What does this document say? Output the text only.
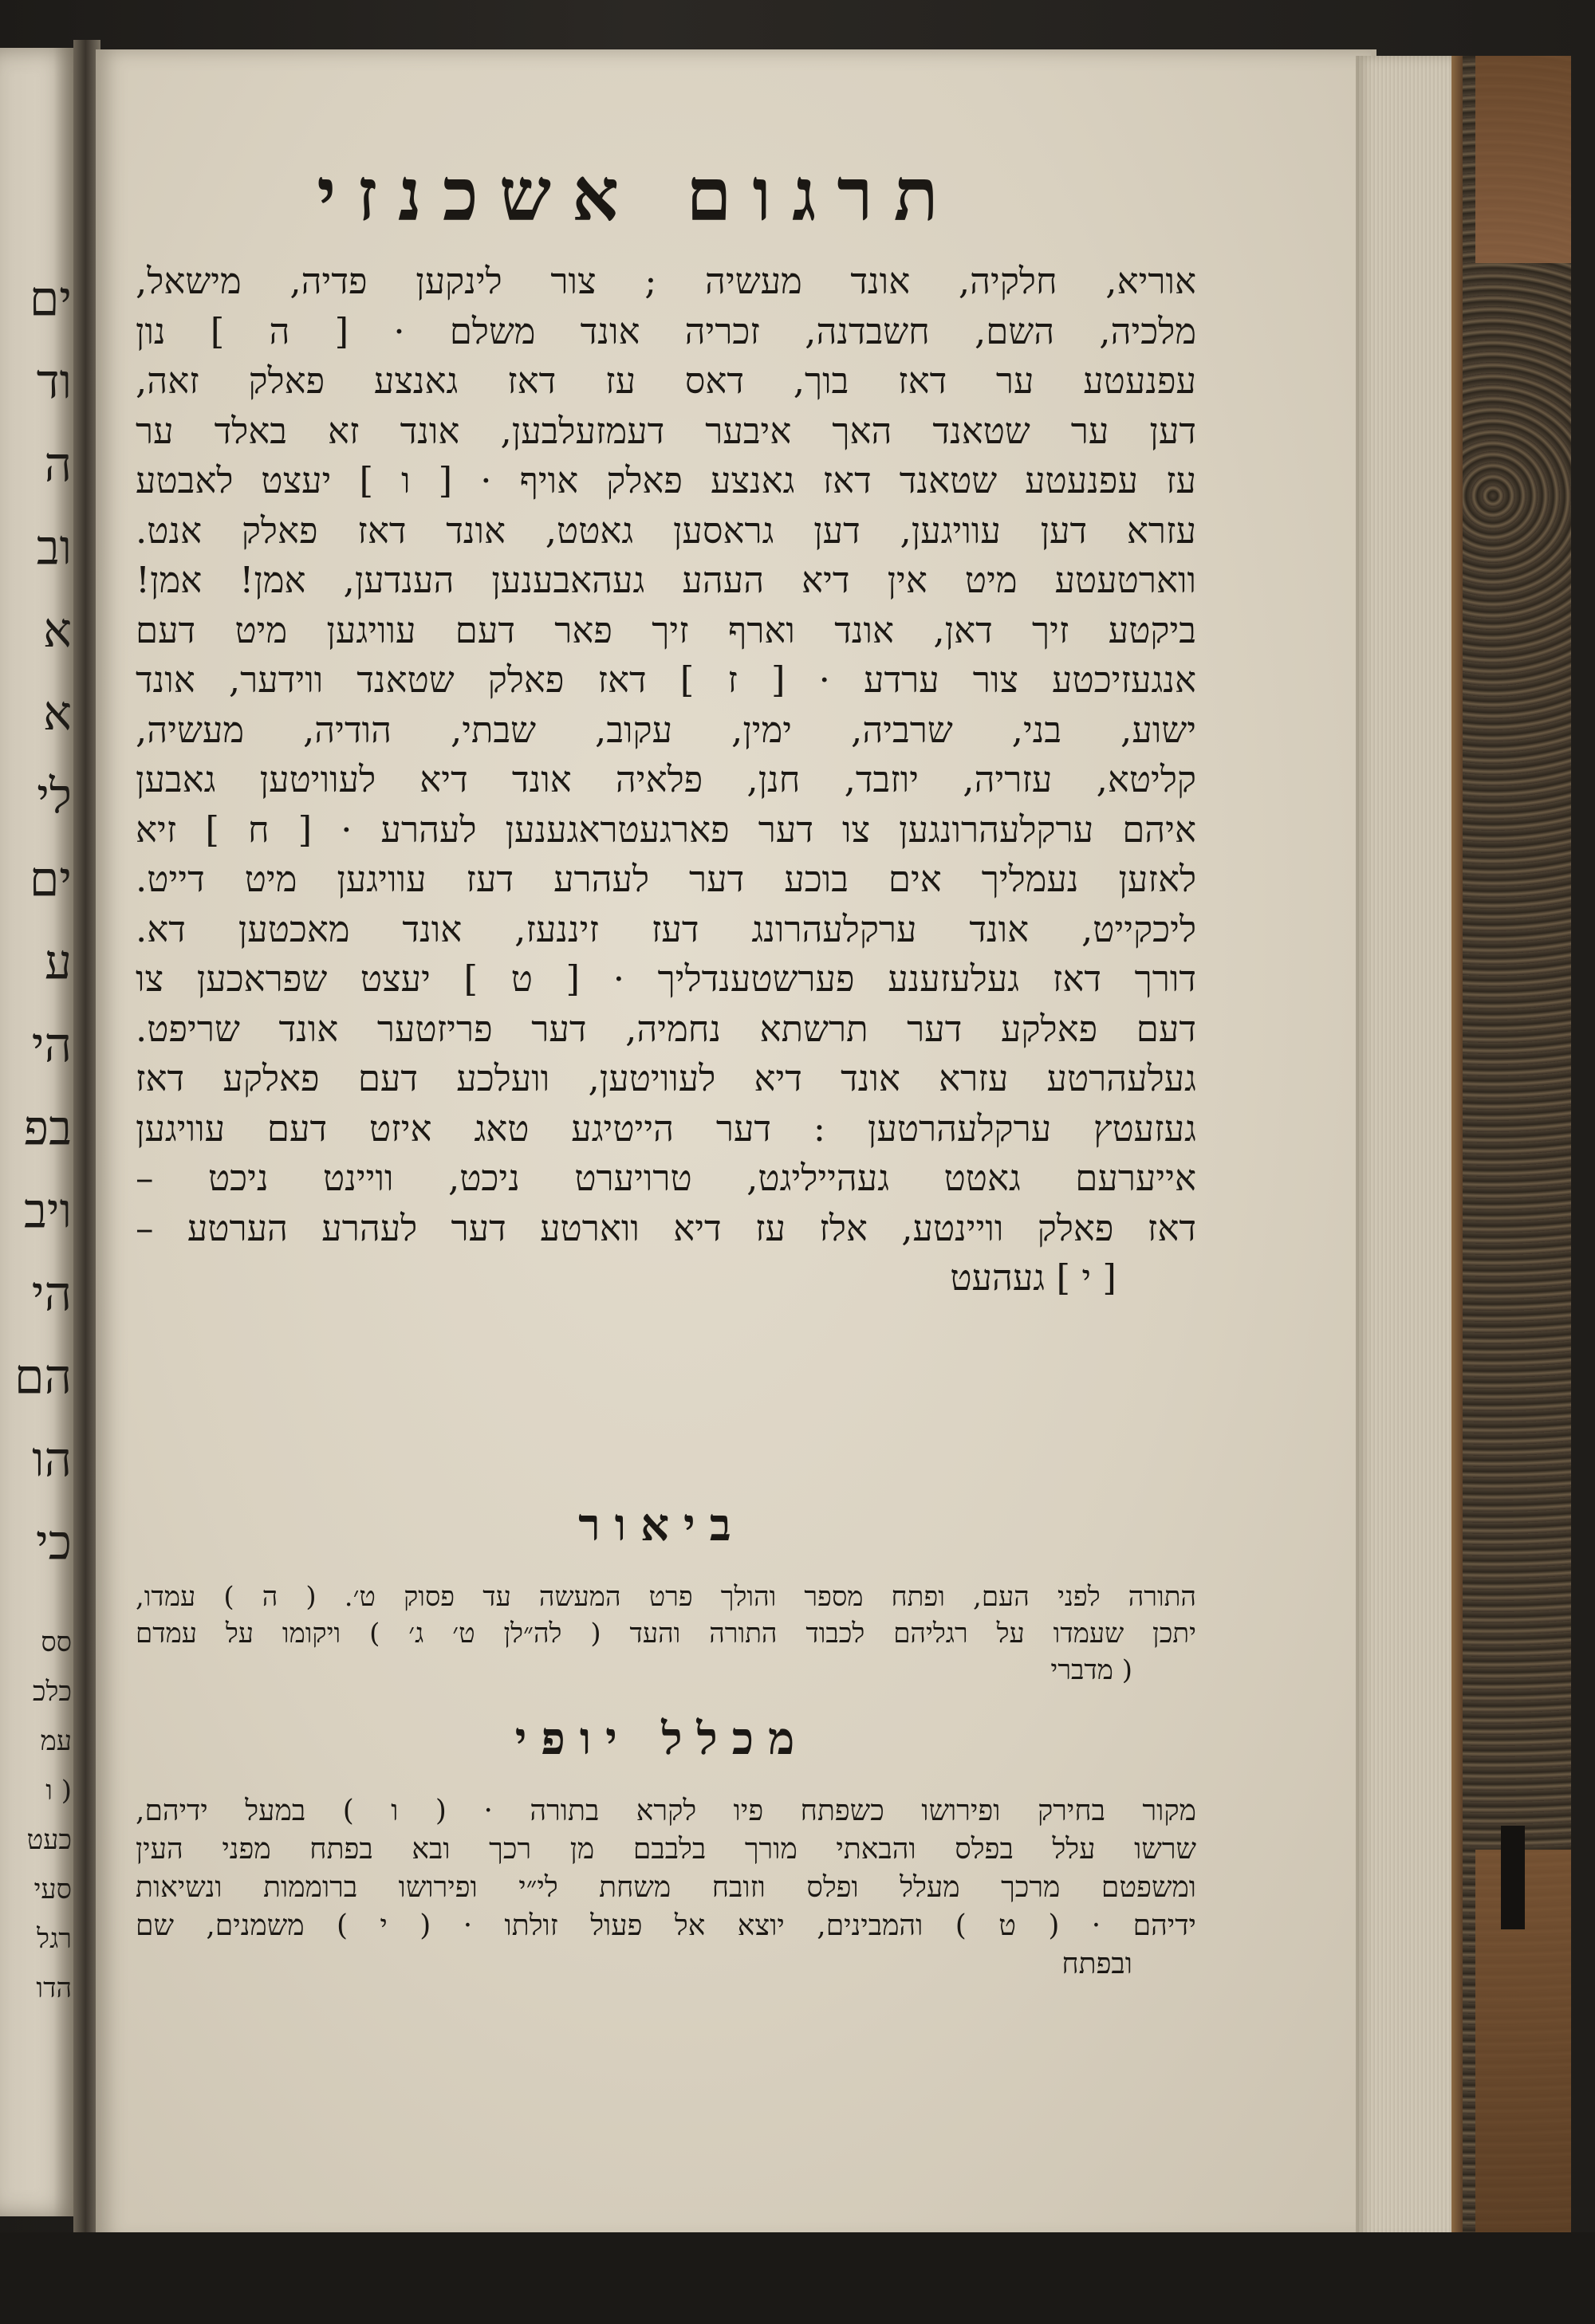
ים
וד
ה
וב
א
א
לי
ים
ע
הי
בפ
ויב
הי
הם
הו
כי
סס
כלכ
עמ
( ו
כעט
סעי
רגל
הדו
תרגום אשכנזי
אוריא, חלקיה, אונד מעשיה ; צור לינקען פדיה, מישאל,
מלכיה, השם, חשבדנה, זכריה אונד משלם · [ ה ] נון
עפנעטע ער דאז בוך, דאס עז דאז גאנצע פאלק זאה,
דען ער שטאנד האך איבער דעמזעלבען, אונד זא באלד ער
עז עפנעטע שטאנד דאז גאנצע פאלק אויף · [ ו ] יעצט לאבטע
עזרא דען עוויגען, דען גראסען גאטט, אונד דאז פאלק אנט.
ווארטעטע מיט אין דיא העהע געהאבענען הענדען, אמן! אמן!
ביקטע זיך דאן, אונד וארף זיך פאר דעם עוויגען מיט דעם
אנגעזיכטע צור ערדע · [ ז ] דאז פאלק שטאנד ווידער, אונד
ישוע, בני, שרביה, ימין, עקוב, שבתי, הודיה, מעשיה,
קליטא, עזריה, יוזבד, חנן, פלאיה אונד דיא לעוויטען גאבען
איהם ערקלעהרונגען צו דער פארגעטראגענען לעהרע · [ ח ] זיא
לאזען נעמליך אים בוכע דער לעהרע דעז עוויגען מיט דייט.
ליכקייט, אונד ערקלעהרונג דעז זיננעז, אונד מאכטען דא.
דורך דאז געלעזענע פערשטענדליך · [ ט ] יעצט שפראכען צו
דעם פאלקע דער תרשתא נחמיה, דער פריזטער אונד שריפט.
געלעהרטע עזרא אונד דיא לעוויטען, וועלכע דעם פאלקע דאז
געזעטץ ערקלעהרטען : דער הייטיגע טאג איזט דעם עוויגען
אייערעם גאטט געהייליגט, טרויערט ניכט, וויינט ניכט –
דאז פאלק וויינטע, אלז עז דיא ווארטע דער לעהרע הערטע –
[ י ] געהעט
ביאור
התורה לפני העם, ופתח מספר והולך פרט המעשה עד פסוק ט׳. ( ה ) עמדו,
יתכן שעמדו על רגליהם לכבוד התורה והעד ( לה״לן ט׳ ג׳ ) ויקומו על עמדם
( מדברי
מכלל יופי
מקור בחירק ופירושו כשפתח פיו לקרא בתורה · ( ו ) במעל ידיהם,
שרשו עלל בפלס והבאתי מורך בלבבם מן רכך ובא בפתח מפני העין
ומשפטם מרכך מעלל ופלס וזובח משחת לי״י ופירושו ברוממות ונשיאות
ידיהם · ( ט ) והמבינים, יוצא אל פעול זולתו · ( י ) משמנים, שם
ובפתח
